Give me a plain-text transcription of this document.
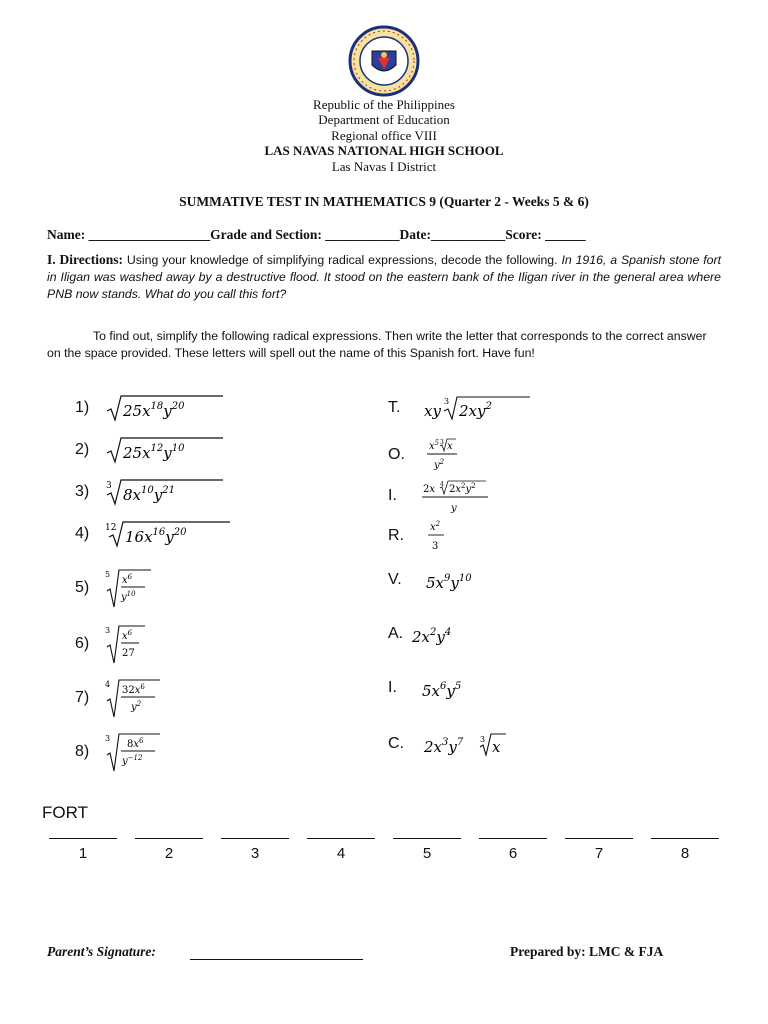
Republic of the Philippines
Department of Education
Regional office VIII
LAS NAVAS NATIONAL HIGH SCHOOL
Las Navas I District
SUMMATIVE TEST IN MATHEMATICS 9 (Quarter 2 - Weeks 5 & 6)
Name: __________________Grade and Section: ___________Date:___________Score: ______
I. Directions: Using your knowledge of simplifying radical expressions, decode the following. In 1916, a Spanish stone fort in Iligan was washed away by a destructive flood. It stood on the eastern bank of the Iligan river in the general area where PNB now stands. What do you call this fort?
To find out, simplify the following radical expressions. Then write the letter that corresponds to the correct answer on the space provided. These letters will spell out the name of this Spanish fort. Have fun!
1)	$25x^{18}y^{20}$
2)	$25x^{12}y^{10}$
3)	3 $8x^{10}y^{21}$
4)	12 $16x^{16}y^{20}$
5)
5
$x^6$
$y^{10}$
6)
3
$x^6$
27
7)
4
$32x^6$
$y^2$
8)
3
$8x^6$
$y^{-12}$
T.	xy
3
$2xy^2$
O.	$x^5$ 3 x
$y^2$
I.	2x 4 $2x^2y^2$
y
R.	$x^2$
3
V.	$5x^9y^{10}$
A. $2x^2y^4$
I.	$5x^6y^5$
C.	$2x^3y^7$ 3 x
FORT
1	2	3	4	5	6	7	8
Parent’s Signature:	Prepared by: LMC & FJA
